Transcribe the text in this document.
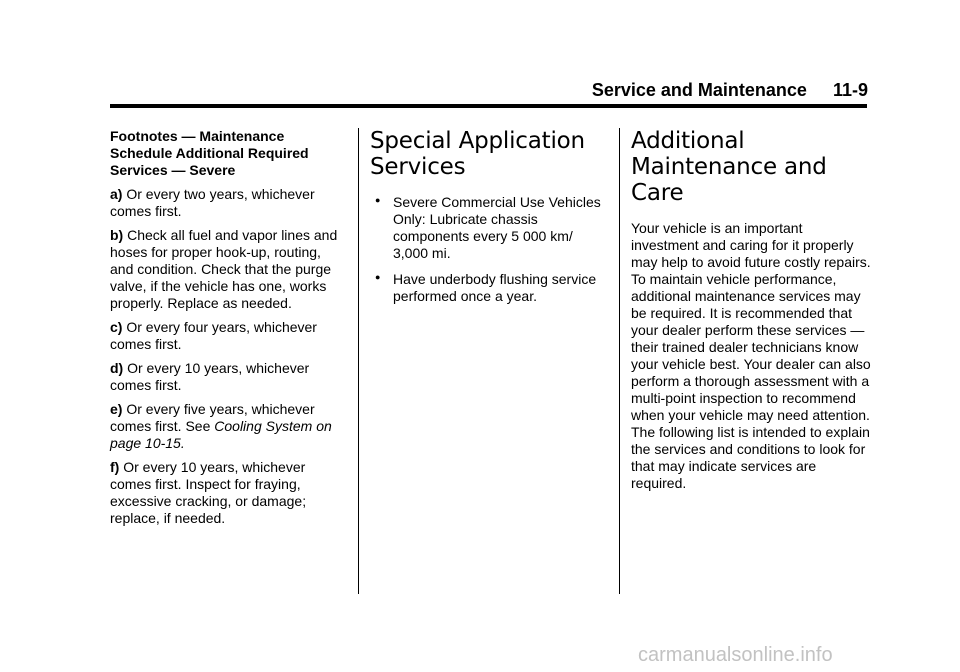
Service and Maintenance 11-9

Footnotes — Maintenance Schedule Additional Required Services — Severe

a) Or every two years, whichever comes first.

b) Check all fuel and vapor lines and hoses for proper hook-up, routing, and condition. Check that the purge valve, if the vehicle has one, works properly. Replace as needed.

c) Or every four years, whichever comes first.

d) Or every 10 years, whichever comes first.

e) Or every five years, whichever comes first. See Cooling System on page 10-15.

f) Or every 10 years, whichever comes first. Inspect for fraying, excessive cracking, or damage; replace, if needed.

Special Application Services
● Severe Commercial Use Vehicles Only: Lubricate chassis components every 5 000 km/ 3,000 mi.
● Have underbody flushing service performed once a year.
Additional Maintenance and Care

Your vehicle is an important investment and caring for it properly may help to avoid future costly repairs. To maintain vehicle performance, additional maintenance services may be required. It is recommended that your dealer perform these services — their trained dealer technicians know your vehicle best. Your dealer can also perform a thorough assessment with a multi-point inspection to recommend when your vehicle may need attention. The following list is intended to explain the services and conditions to look for that may indicate services are required.

carmanualsonline.info
